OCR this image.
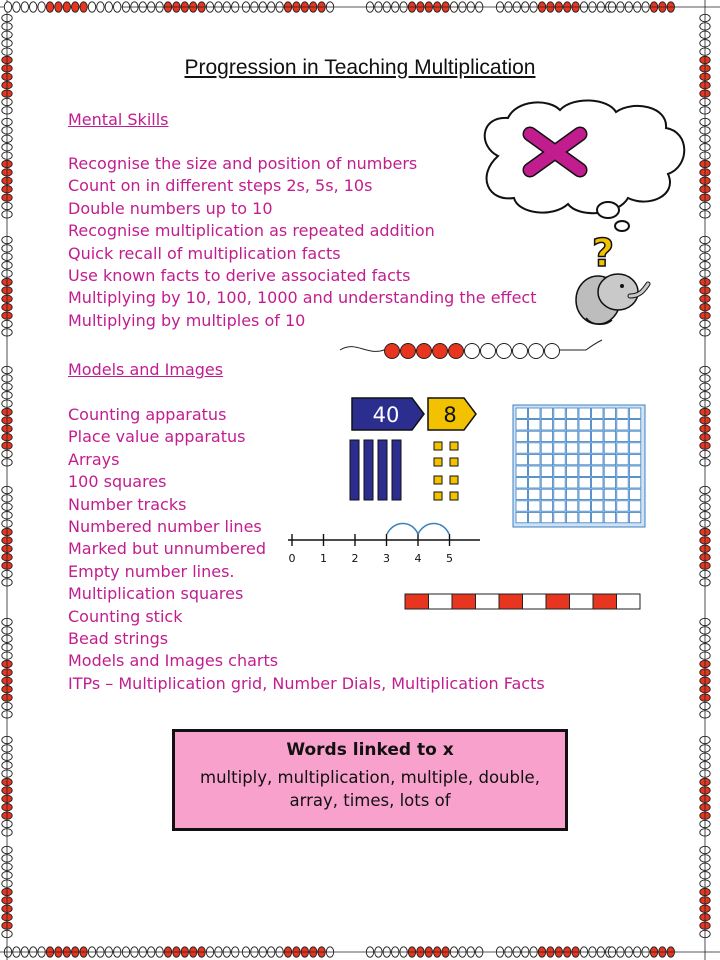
Progression in Teaching Multiplication
Mental Skills
Recognise the size and position of numbers
Count on in different steps 2s, 5s, 10s
Double numbers up to 10
Recognise multiplication as repeated addition
Quick recall of multiplication facts
Use known facts to derive associated facts
Multiplying by 10, 100, 1000 and understanding the effect
Multiplying by multiples of 10
Models and Images
Counting apparatus
Place value apparatus
Arrays
100 squares
Number tracks
Numbered number lines
Marked but unnumbered
Empty number lines.
Multiplication squares
Counting stick
Bead strings
Models and Images charts
ITPs – Multiplication grid, Number Dials, Multiplication Facts
?
40 8
0 1 2 3 4 5
Words linked to x
multiply, multiplication, multiple, double, array, times, lots of
